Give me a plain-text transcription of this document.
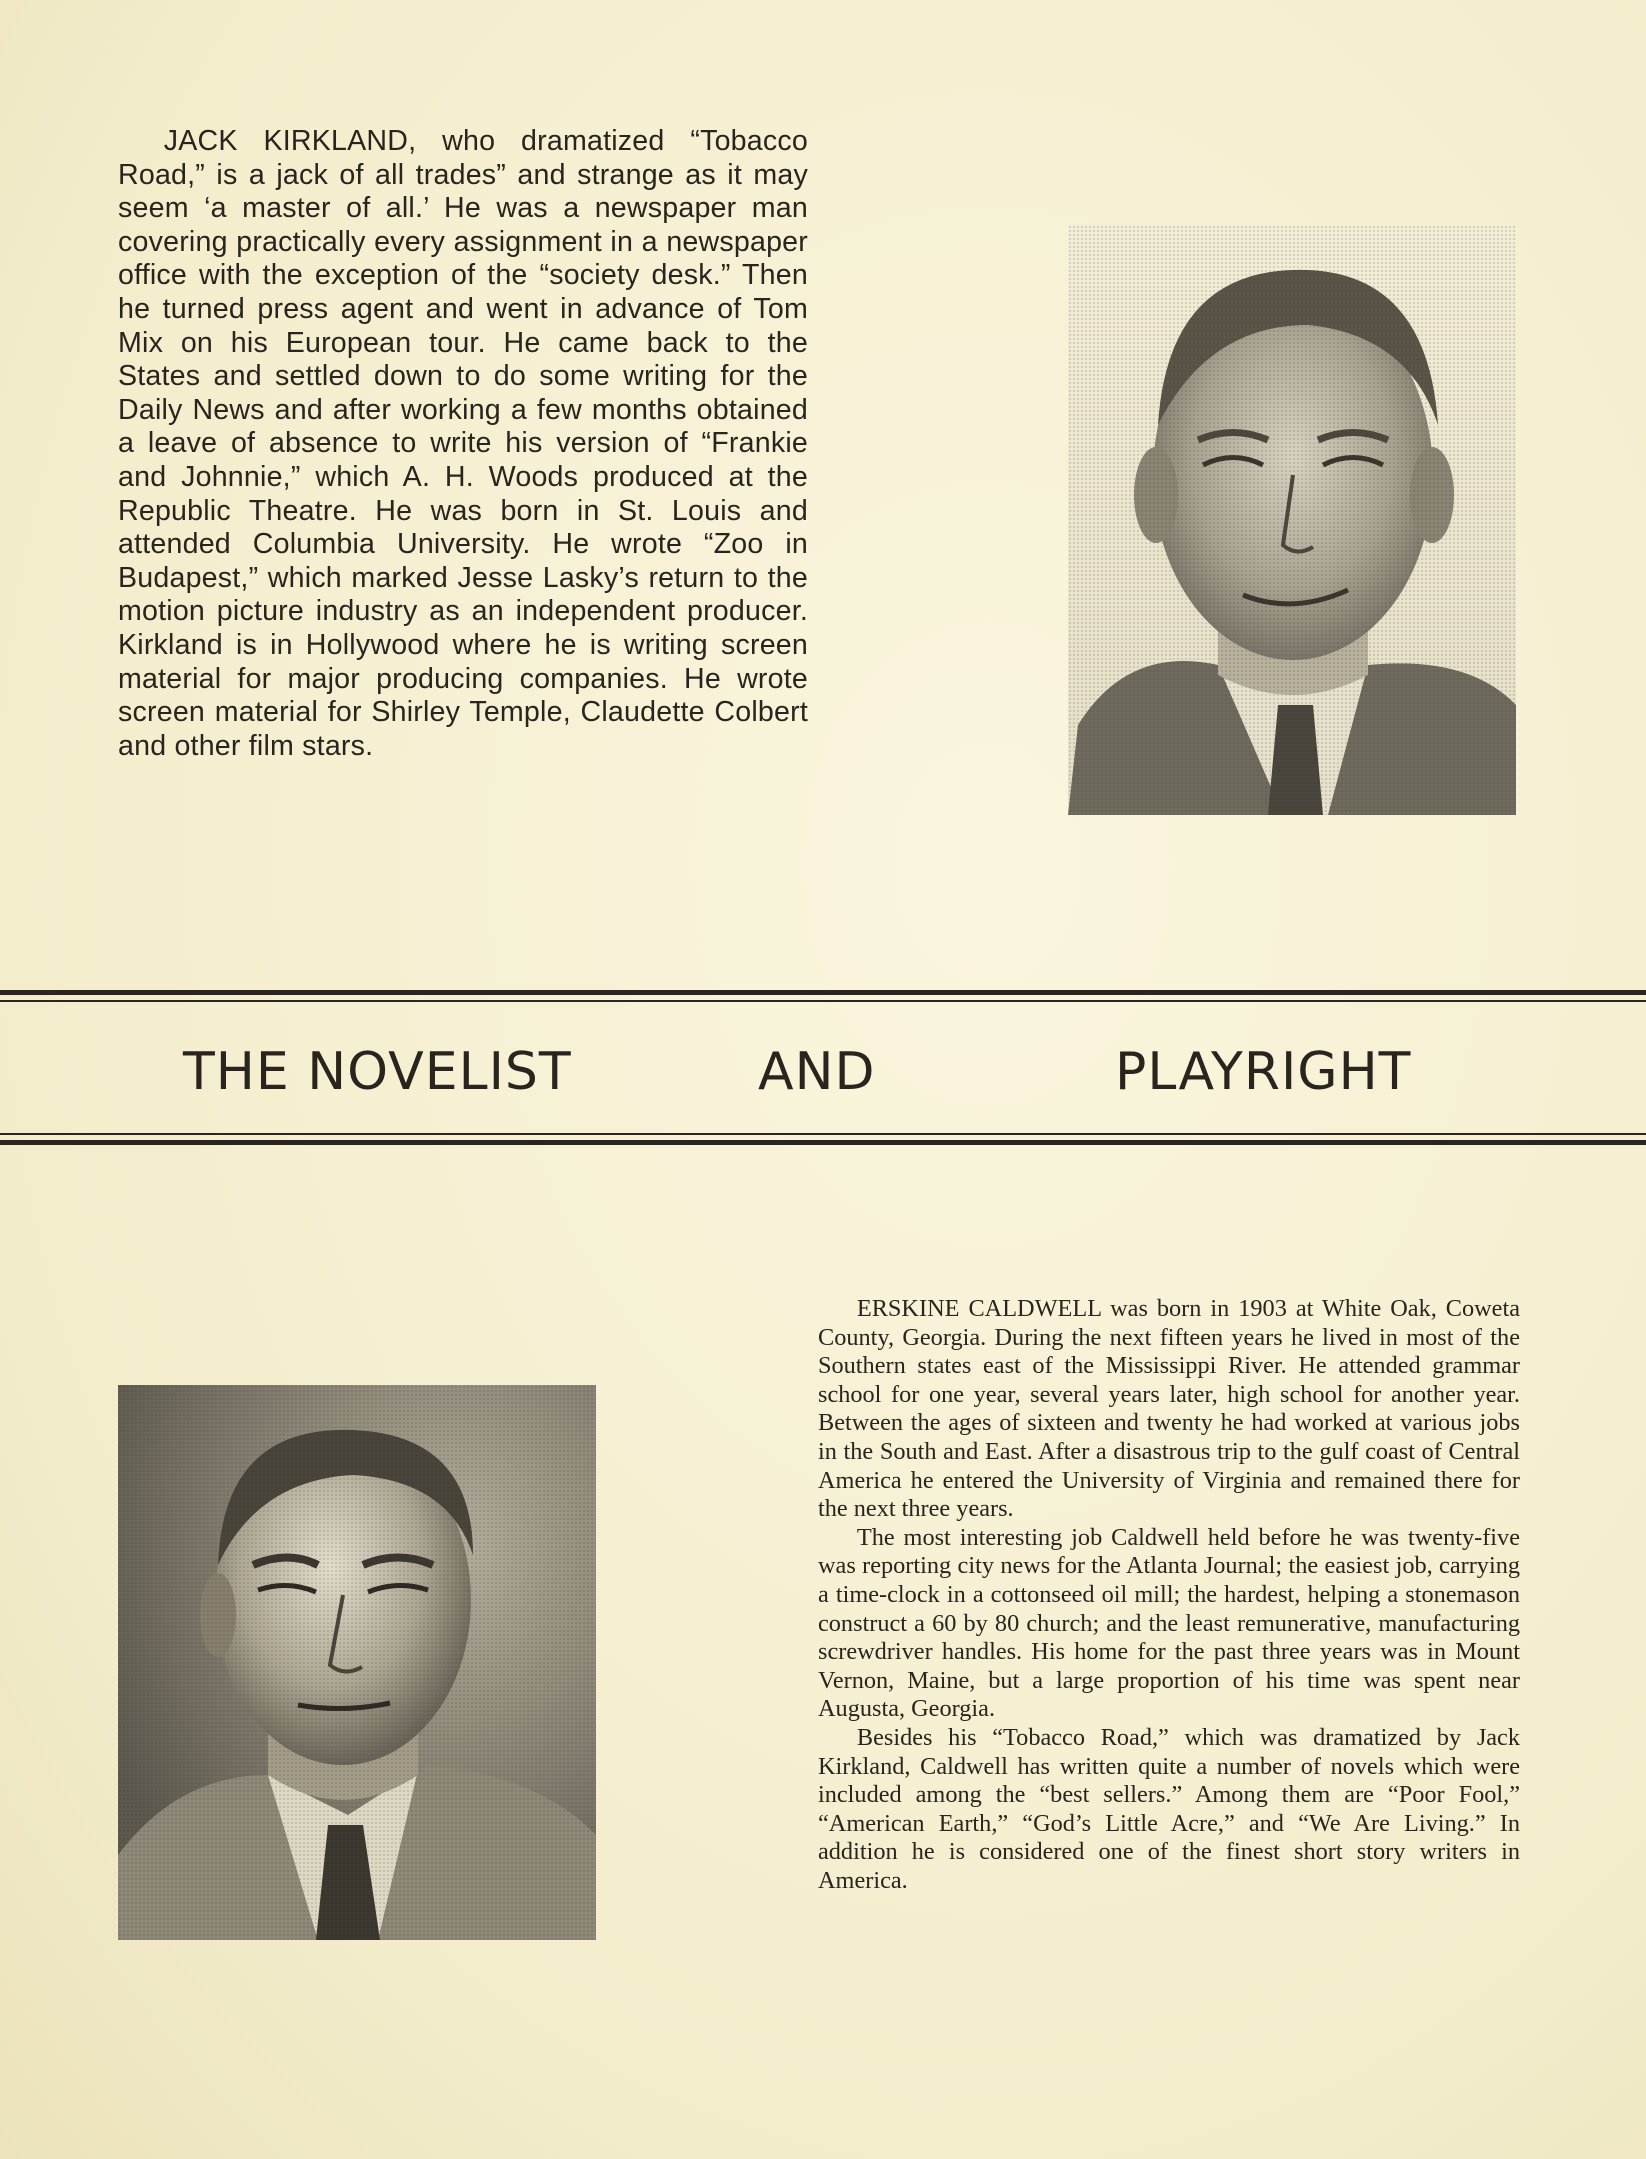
JACK KIRKLAND, who dramatized “Tobacco Road,” is a jack of all trades” and strange as it may seem ‘a master of all.’ He was a newspaper man covering practically every assignment in a newspaper office with the exception of the “society desk.” Then he turned press agent and went in advance of Tom Mix on his European tour. He came back to the States and settled down to do some writing for the Daily News and after working a few months obtained a leave of absence to write his version of “Frankie and Johnnie,” which A. H. Woods produced at the Republic Theatre. He was born in St. Louis and attended Columbia University. He wrote “Zoo in Budapest,” which marked Jesse Lasky’s return to the motion picture industry as an independent producer. Kirkland is in Hollywood where he is writing screen material for major producing companies. He wrote screen material for Shirley Temple, Claudette Colbert and other film stars.

THE NOVELIST	AND	PLAYRIGHT

ERSKINE CALDWELL was born in 1903 at White Oak, Coweta County, Georgia. During the next fifteen years he lived in most of the Southern states east of the Mississippi River. He attended grammar school for one year, several years later, high school for another year. Between the ages of sixteen and twenty he had worked at various jobs in the South and East. After a disastrous trip to the gulf coast of Central America he entered the University of Virginia and remained there for the next three years.

The most interesting job Caldwell held before he was twenty-five was reporting city news for the Atlanta Journal; the easiest job, carrying a time-clock in a cottonseed oil mill; the hardest, helping a stonemason construct a 60 by 80 church; and the least remunerative, manufacturing screwdriver handles. His home for the past three years was in Mount Vernon, Maine, but a large proportion of his time was spent near Augusta, Georgia.

Besides his “Tobacco Road,” which was dramatized by Jack Kirkland, Caldwell has written quite a number of novels which were included among the “best sellers.” Among them are “Poor Fool,” “American Earth,” “God’s Little Acre,” and “We Are Living.” In addition he is considered one of the finest short story writers in America.
